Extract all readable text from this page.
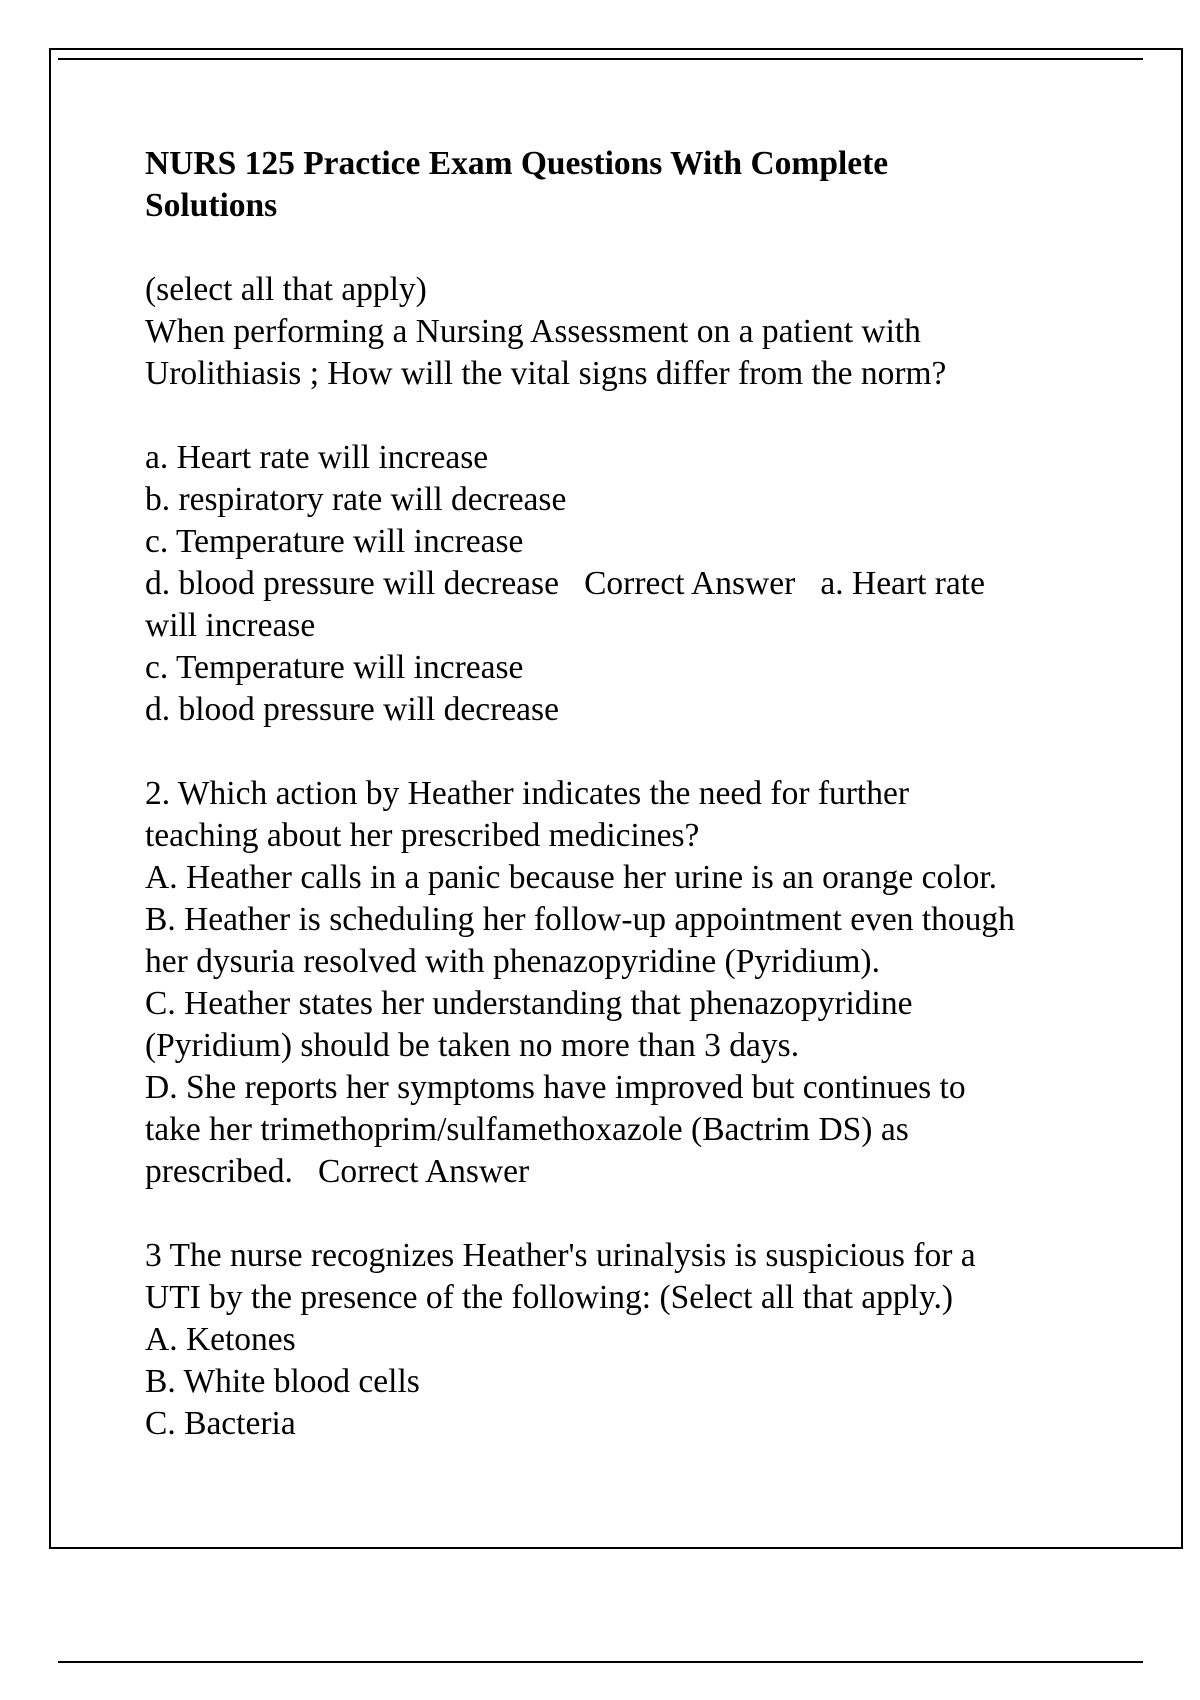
NURS 125 Practice Exam Questions With Complete Solutions
(select all that apply)
When performing a Nursing Assessment on a patient with
Urolithiasis ; How will the vital signs differ from the norm?
a. Heart rate will increase
b. respiratory rate will decrease
c. Temperature will increase
d. blood pressure will decrease   Correct Answer   a. Heart rate
will increase
c. Temperature will increase
d. blood pressure will decrease
2. Which action by Heather indicates the need for further
teaching about her prescribed medicines?
A. Heather calls in a panic because her urine is an orange color.
B. Heather is scheduling her follow-up appointment even though
her dysuria resolved with phenazopyridine (Pyridium).
C. Heather states her understanding that phenazopyridine
(Pyridium) should be taken no more than 3 days.
D. She reports her symptoms have improved but continues to
take her trimethoprim/sulfamethoxazole (Bactrim DS) as
prescribed.   Correct Answer
3 The nurse recognizes Heather's urinalysis is suspicious for a
UTI by the presence of the following: (Select all that apply.)
A. Ketones
B. White blood cells
C. Bacteria
